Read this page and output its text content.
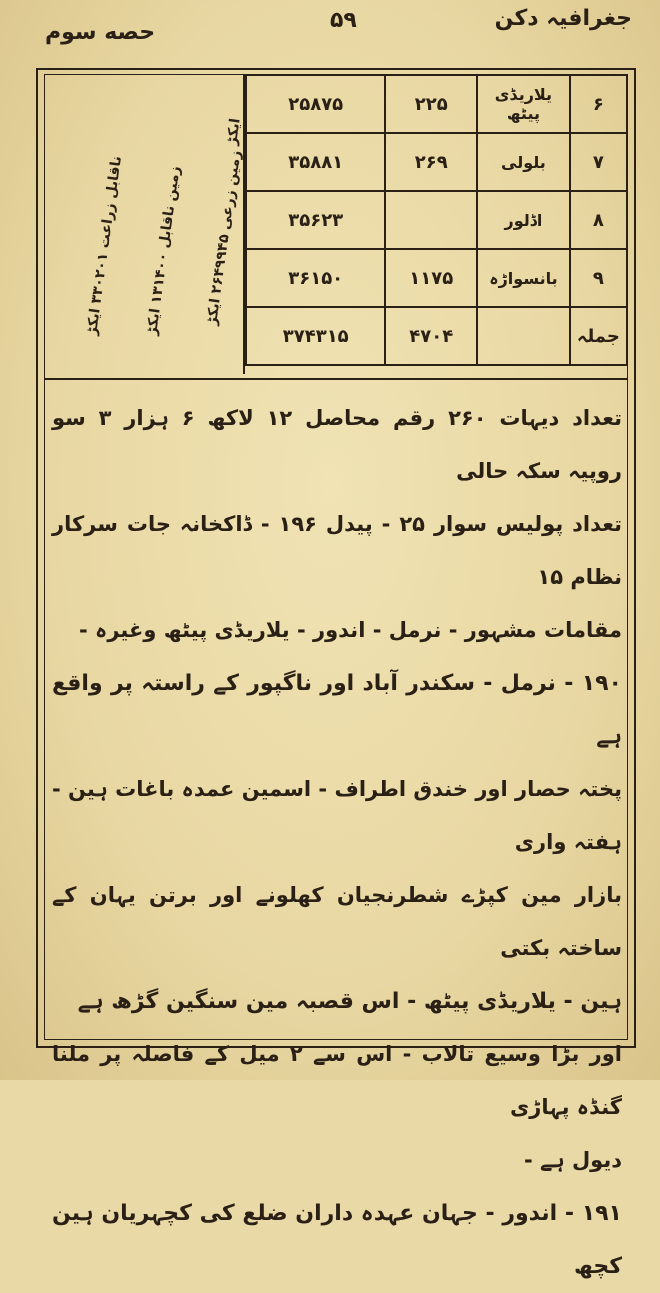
حصه سوم	۵۹	جغرافیہ دکن
ایکڑ
زمین زرعی ۲۶۴۹۹۴۵ ایکڑ
زمین ناقابل ۱۳۱۴۰۰ ایکڑ
ناقابل زراعت ۳۳۰۲۰۱ ایکڑ
۶	یلاریڈی پیٹھ	۲۲۵	۲۵۸۷۵
۷	بلولی	۲۶۹	۳۵۸۸۱
۸	اڈلور		۳۵۶۲۳
۹	بانسواڑہ	۱۱۷۵	۳۶۱۵۰
جملہ		۴۷۰۴	۳۷۴۳۱۵

تعداد دیہات ۲۶۰ رقم محاصل ۱۲ لاکھ ۶ ہزار ۳ سو روپیہ سکہ حالی

تعداد پولیس سوار ۲۵ - پیدل ۱۹۶ - ڈاکخانہ جات سرکار نظام ۱۵

مقامات مشہور - نرمل - اندور - یلاریڈی پیٹھ وغیرہ -

۱۹۰ - نرمل - سکندر آباد اور ناگپور کے راستہ پر واقع ہے

پختہ حصار اور خندق اطراف - اسمین عمدہ باغات ہین - ہفتہ واری

بازار مین کپڑے شطرنجیان کھلونے اور برتن یہان کے ساختہ بکتی

ہین - یلاریڈی پیٹھ - اس قصبہ مین سنگین گڑھ ہے

اور بڑا وسیع تالاب - اس سے ۲ میل کے فاصلہ پر ملنا گنڈہ پہاڑی

دیول ہے -

۱۹۱ - اندور - جہان عہدہ داران ضلع کی کچہریان ہین کچھ
